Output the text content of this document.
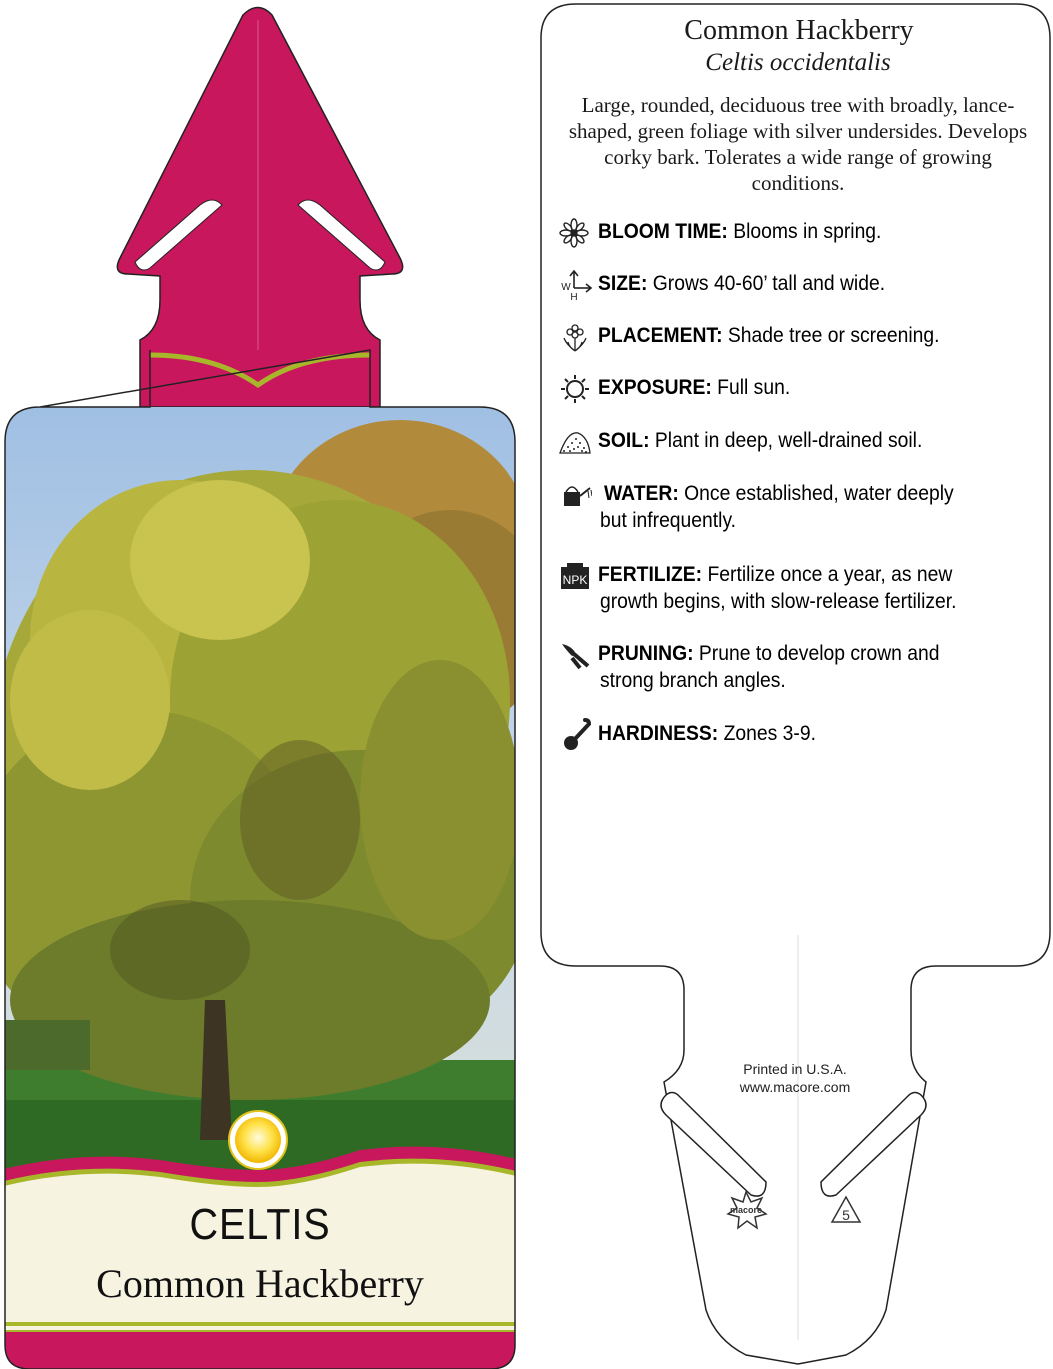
CELTIS
Common Hackberry
macore	5
Common Hackberry
Celtis occidentalis
Large, rounded, deciduous tree with broadly, lance-shaped, green foliage with silver undersides. Develops corky bark. Tolerates a wide range of growing conditions.
BLOOM TIME: Blooms in spring.
W
H
SIZE: Grows 40-60’ tall and wide.
PLACEMENT: Shade tree or screening.
EXPOSURE: Full sun.
SOIL: Plant in deep, well-drained soil.
WATER: Once established, water deeply
but infrequently.
NPK FERTILIZE: Fertilize once a year, as new
growth begins, with slow-release fertilizer.
PRUNING: Prune to develop crown and
strong branch angles.
HARDINESS: Zones 3-9.
Printed in U.S.A.
www.macore.com
